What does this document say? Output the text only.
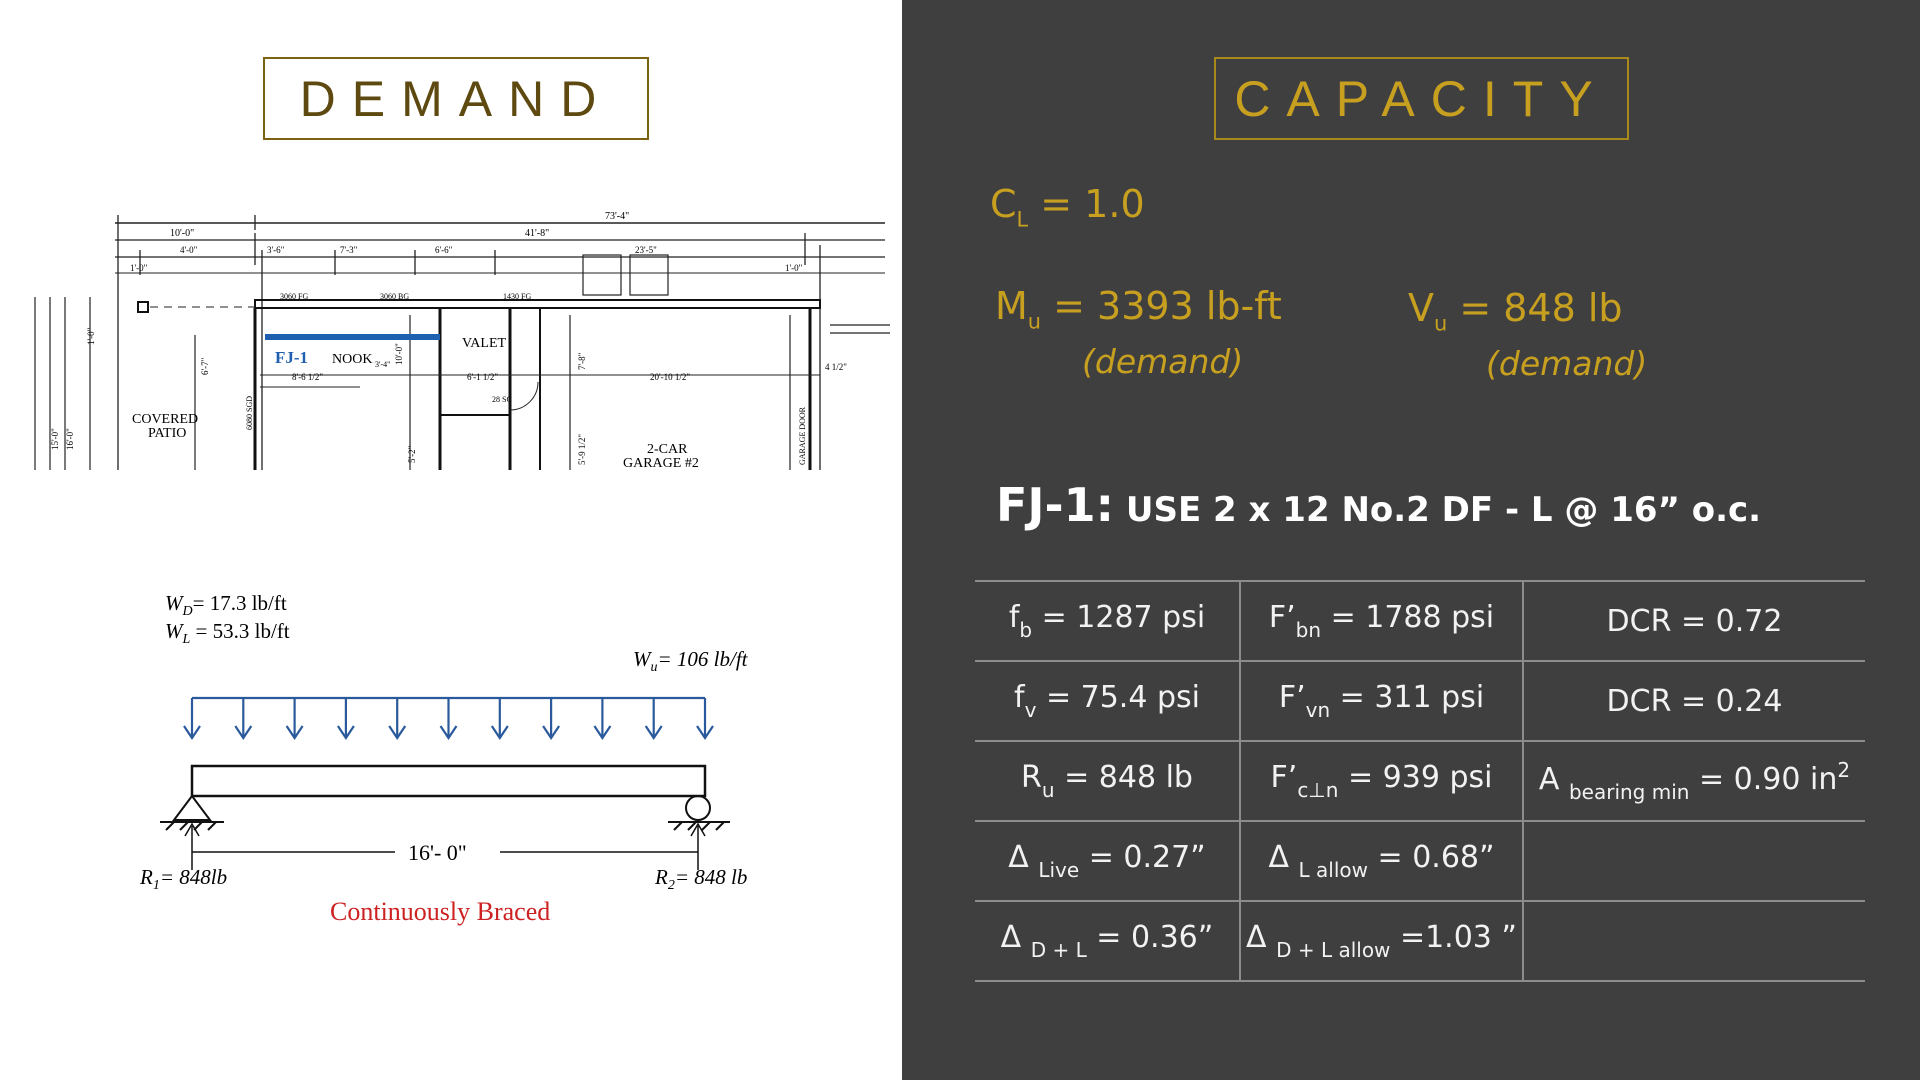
DEMAND
73'-4"
10'-0"	41'-8"
4'-0"	3'-6"	7'-3"	6'-6"	23'-5"
1'-0"	1'-0"
1'-0"
6'-7"
15'-0" 16'-0"
10'-0"	7'-8"
5'-9 1/2"
5'-2"
3060 FG	3060 BG	1430 FG
8'-6 1/2"	6'-1 1/2"	20'-10 1/2"
4 1/2"
28 SC
3'-4"
6080 SGD	GARAGE DOOR
NOOK
VALET
COVERED
PATIO
2-CAR
GARAGE #2
FJ-1
$W_D= 17.3$ lb/ft
$W_L = 53.3$ lb/ft
$W_u= 106$ lb/ft
16'- 0"
$R_1= 848lb$	$R_2= 848$ lb
Continuously Braced
CAPACITY
$C_L = 1.0$
$M_u = 3393$ lb-ft
(demand)
$V_u = 848$ lb
(demand)
FJ-1: USE 2 x 12 No.2 DF - L @ 16” o.c.
$f_b = 1287$ psi	$F’_{bn} = 1788$ psi	DCR = 0.72
$f_v = 75.4$ psi	$F’_{vn} = 311$ psi	DCR = 0.24
$R_u = 848$ lb	$F’_{c\perp n} = 939$ psi	A $_{bearing min}$ = 0.90 $in^2$
Δ $_{Live}$ = 0.27”	Δ $_{L allow}$ = 0.68”	
Δ $_{D + L}$ = 0.36”	Δ $_{D + L allow}$ =1.03 ”	
